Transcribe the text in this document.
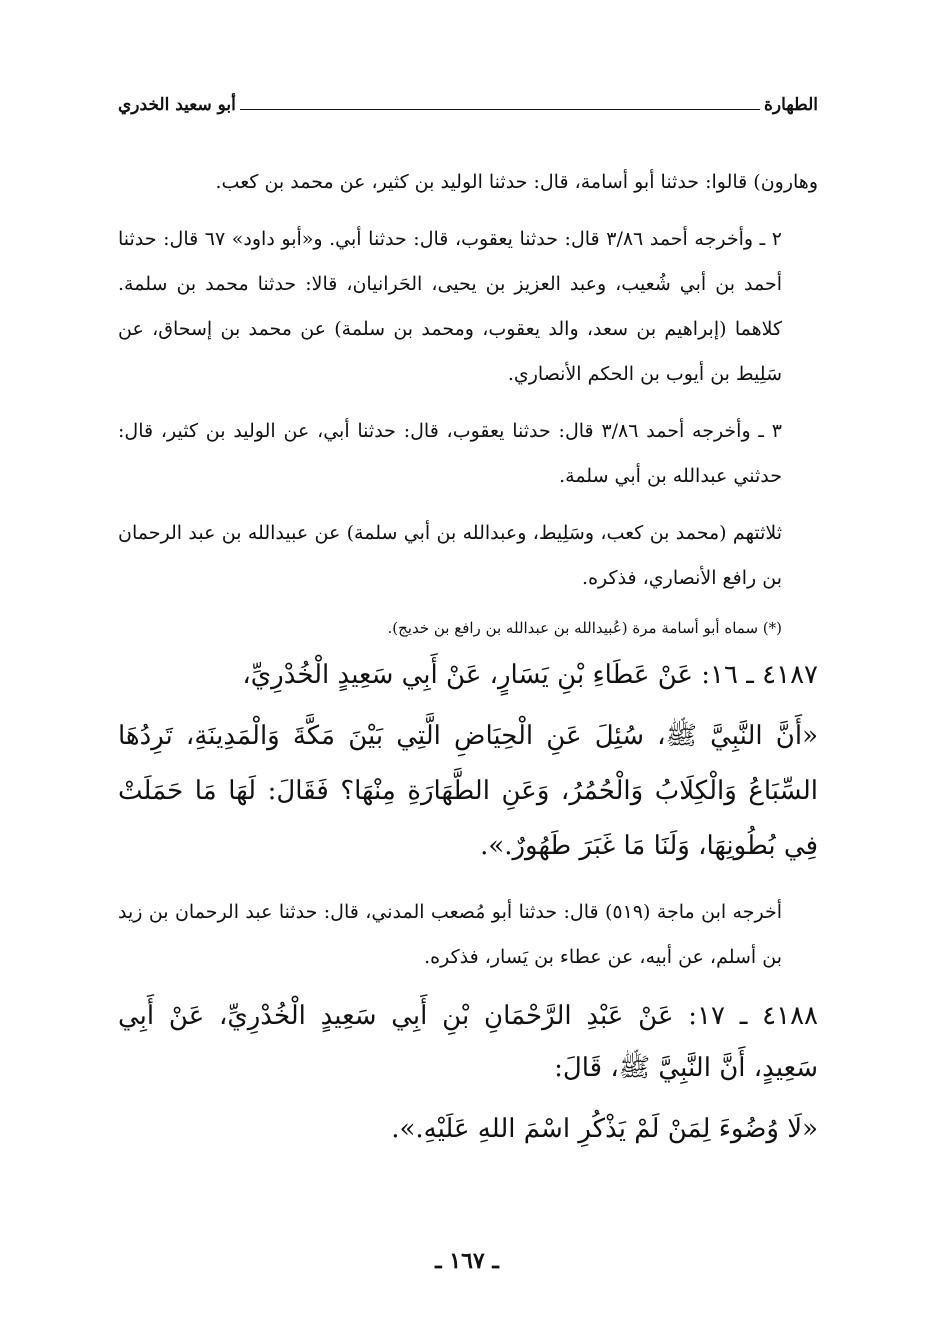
الطهارة
أبو سعيد الخدري

وهارون) قالوا: حدثنا أبو أسامة، قال: حدثنا الوليد بن كثير، عن محمد بن كعب.

٢ ـ وأخرجه أحمد ٣/٨٦ قال: حدثنا يعقوب، قال: حدثنا أبي. و«أبو داود» ٦٧ قال: حدثنا أحمد بن أبي شُعيب، وعبد العزيز بن يحيى، الحَرانيان، قالا: حدثنا محمد بن سلمة. كلاهما (إبراهيم بن سعد، والد يعقوب، ومحمد بن سلمة) عن محمد بن إسحاق، عن سَلِيط بن أيوب بن الحكم الأنصاري.

٣ ـ وأخرجه أحمد ٣/٨٦ قال: حدثنا يعقوب، قال: حدثنا أبي، عن الوليد بن كثير، قال: حدثني عبدالله بن أبي سلمة.

ثلاثتهم (محمد بن كعب، وسَلِيط، وعبدالله بن أبي سلمة) عن عبيدالله بن عبد الرحمان بن رافع الأنصاري، فذكره.

(*) سماه أبو أسامة مرة (عُبيدالله بن عبدالله بن رافع بن خديج).

٤١٨٧ ـ ١٦: عَنْ عَطَاءِ بْنِ يَسَارٍ، عَنْ أَبِي سَعِيدٍ الْخُدْرِيِّ،

«أَنَّ النَّبِيَّ ﷺ، سُئِلَ عَنِ الْحِيَاضِ الَّتِي بَيْنَ مَكَّةَ وَالْمَدِينَةِ، تَرِدُهَا السِّبَاعُ وَالْكِلَابُ وَالْحُمُرُ، وَعَنِ الطَّهَارَةِ مِنْهَا؟ فَقَالَ: لَهَا مَا حَمَلَتْ فِي بُطُونِهَا، وَلَنَا مَا غَبَرَ طَهُورٌ.».

أخرجه ابن ماجة (٥١٩) قال: حدثنا أبو مُصعب المدني، قال: حدثنا عبد الرحمان بن زيد بن أسلم، عن أبيه، عن عطاء بن يَسار، فذكره.

٤١٨٨ ـ ١٧: عَنْ عَبْدِ الرَّحْمَانِ بْنِ أَبِي سَعِيدٍ الْخُدْرِيِّ، عَنْ أَبِي سَعِيدٍ، أَنَّ النَّبِيَّ ﷺ، قَالَ:

«لَا وُضُوءَ لِمَنْ لَمْ يَذْكُرِ اسْمَ اللهِ عَلَيْهِ.».

ـ ١٦٧ ـ
